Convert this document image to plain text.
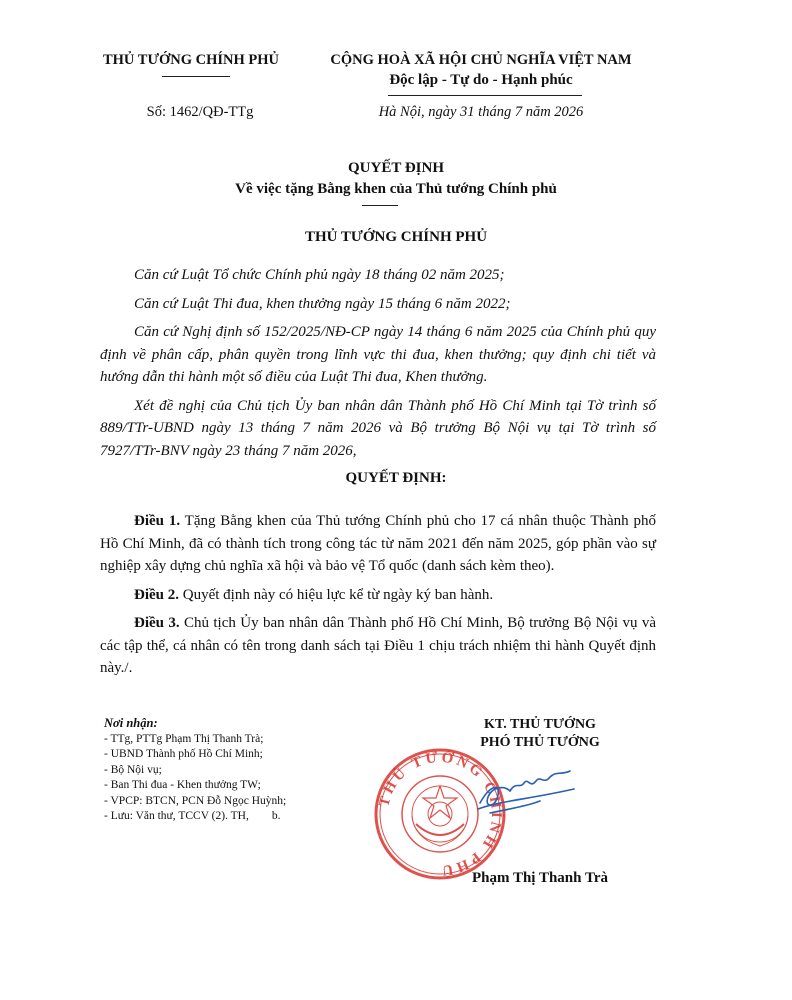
THỦ TƯỚNG CHÍNH PHỦ
Số: 1462/QĐ-TTg
CỘNG HOÀ XÃ HỘI CHỦ NGHĨA VIỆT NAM
Độc lập - Tự do - Hạnh phúc
Hà Nội, ngày 31 tháng 7 năm 2026
QUYẾT ĐỊNH
Về việc tặng Bằng khen của Thủ tướng Chính phủ
THỦ TƯỚNG CHÍNH PHỦ

Căn cứ Luật Tổ chức Chính phủ ngày 18 tháng 02 năm 2025;

Căn cứ Luật Thi đua, khen thưởng ngày 15 tháng 6 năm 2022;

Căn cứ Nghị định số 152/2025/NĐ-CP ngày 14 tháng 6 năm 2025 của Chính phủ quy định về phân cấp, phân quyền trong lĩnh vực thi đua, khen thưởng; quy định chi tiết và hướng dẫn thi hành một số điều của Luật Thi đua, Khen thưởng.

Xét đề nghị của Chủ tịch Ủy ban nhân dân Thành phố Hồ Chí Minh tại Tờ trình số 889/TTr-UBND ngày 13 tháng 7 năm 2026 và Bộ trưởng Bộ Nội vụ tại Tờ trình số 7927/TTr-BNV ngày 23 tháng 7 năm 2026,

QUYẾT ĐỊNH:

Điều 1. Tặng Bằng khen của Thủ tướng Chính phủ cho 17 cá nhân thuộc Thành phố Hồ Chí Minh, đã có thành tích trong công tác từ năm 2021 đến năm 2025, góp phần vào sự nghiệp xây dựng chủ nghĩa xã hội và bảo vệ Tổ quốc (danh sách kèm theo).

Điều 2. Quyết định này có hiệu lực kể từ ngày ký ban hành.

Điều 3. Chủ tịch Ủy ban nhân dân Thành phố Hồ Chí Minh, Bộ trưởng Bộ Nội vụ và các tập thể, cá nhân có tên trong danh sách tại Điều 1 chịu trách nhiệm thi hành Quyết định này./.

Nơi nhận:
- TTg, PTTg Phạm Thị Thanh Trà;
- UBND Thành phố Hồ Chí Minh;
- Bộ Nội vụ;
- Ban Thi đua - Khen thưởng TW;
- VPCP: BTCN, PCN Đỗ Ngọc Huỳnh;
- Lưu: Văn thư, TCCV (2). TH,        b.
KT. THỦ TƯỚNG
PHÓ THỦ TƯỚNG
THỦ TƯỚNG CHÍNH PHỦ	Phạm Thị Thanh Trà
